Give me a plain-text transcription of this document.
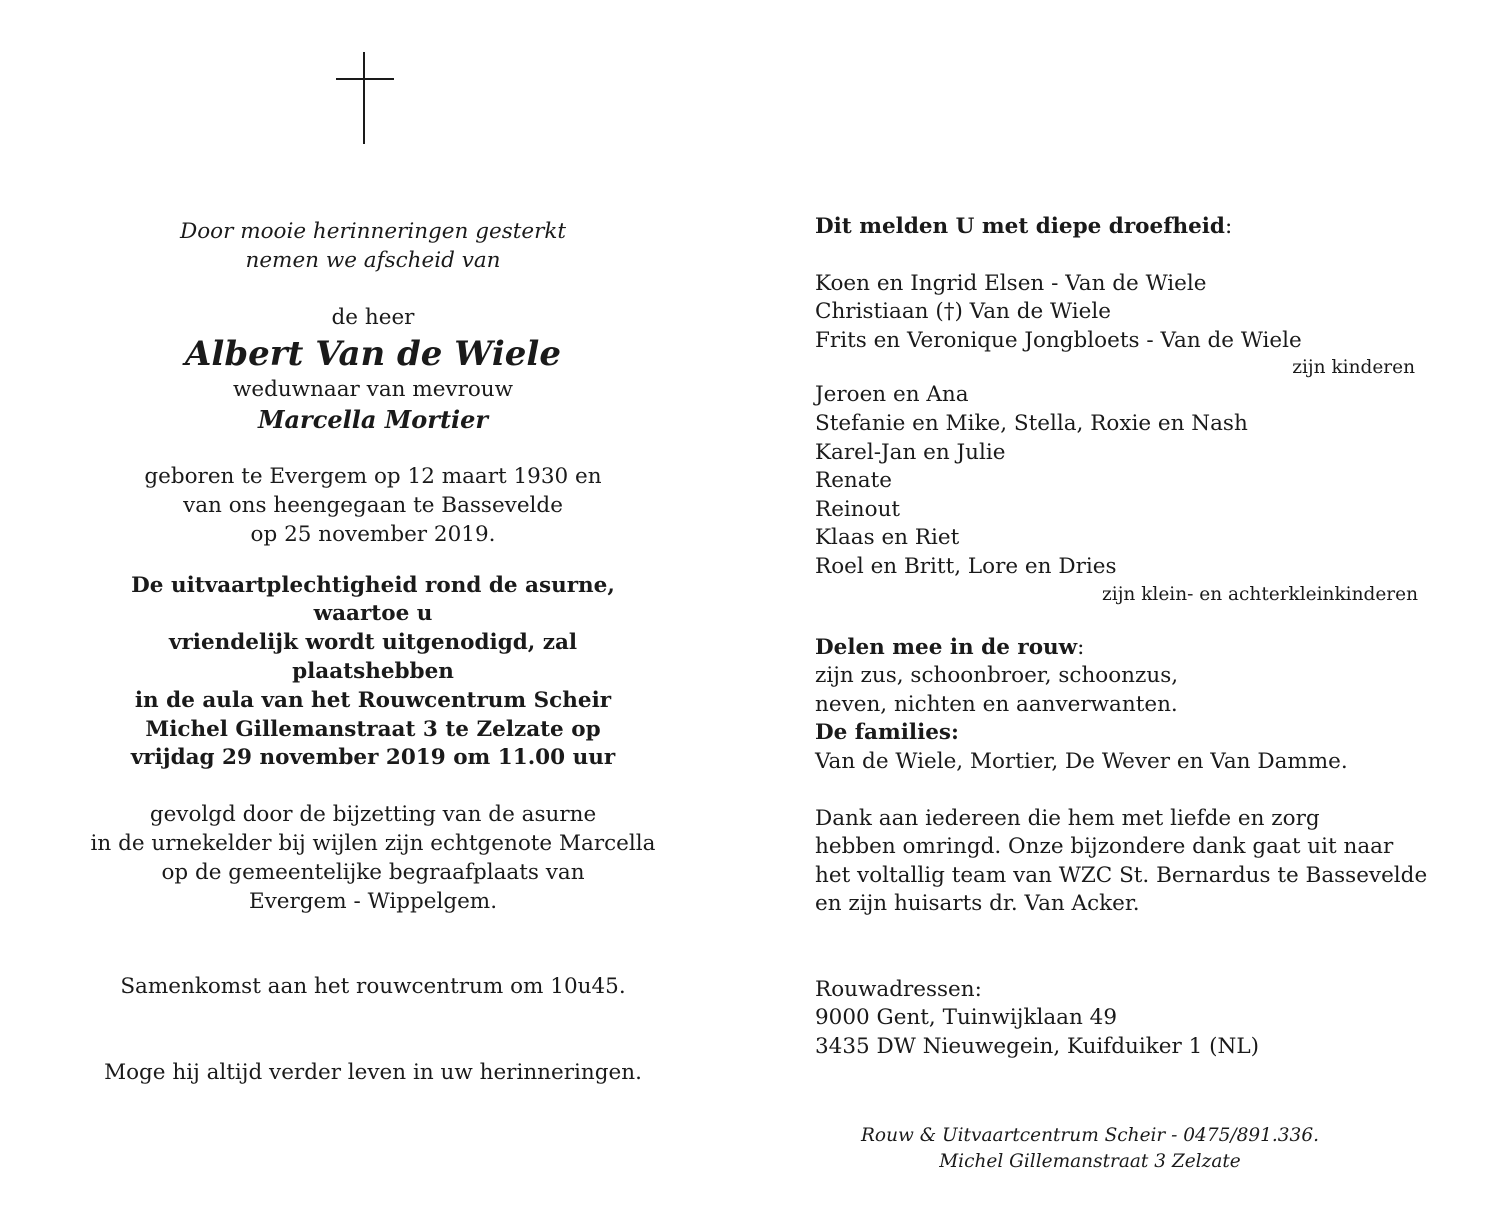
Door mooie herinneringen gesterkt

nemen we afscheid van

de heer

Albert Van de Wiele

weduwnaar van mevrouw

Marcella Mortier

geboren te Evergem op 12 maart 1930 en

van ons heengegaan te Bassevelde

op 25 november 2019.

De uitvaartplechtigheid rond de asurne, waartoe u

vriendelijk wordt uitgenodigd, zal plaatshebben

in de aula van het Rouwcentrum Scheir

Michel Gillemanstraat 3 te Zelzate op

vrijdag 29 november 2019 om 11.00 uur

gevolgd door de bijzetting van de asurne

in de urnekelder bij wijlen zijn echtgenote Marcella

op de gemeentelijke begraafplaats van

Evergem - Wippelgem.

Samenkomst aan het rouwcentrum om 10u45.

Moge hij altijd verder leven in uw herinneringen.

Dit melden U met diepe droefheid:

Koen en Ingrid Elsen - Van de Wiele

Christiaan (†) Van de Wiele

Frits en Veronique Jongbloets - Van de Wiele

zijn kinderen

Jeroen en Ana

Stefanie en Mike, Stella, Roxie en Nash

Karel-Jan en Julie

Renate

Reinout

Klaas en Riet

Roel en Britt, Lore en Dries

zijn klein- en achterkleinkinderen

Delen mee in de rouw:

zijn zus, schoonbroer, schoonzus,

neven, nichten en aanverwanten.

De families:

Van de Wiele, Mortier, De Wever en Van Damme.

Dank aan iedereen die hem met liefde en zorg

hebben omringd. Onze bijzondere dank gaat uit naar

het voltallig team van WZC St. Bernardus te Bassevelde

en zijn huisarts dr. Van Acker.

Rouwadressen:

9000 Gent, Tuinwijklaan 49

3435 DW Nieuwegein, Kuifduiker 1 (NL)

Rouw & Uitvaartcentrum Scheir - 0475/891.336.

Michel Gillemanstraat 3 Zelzate
